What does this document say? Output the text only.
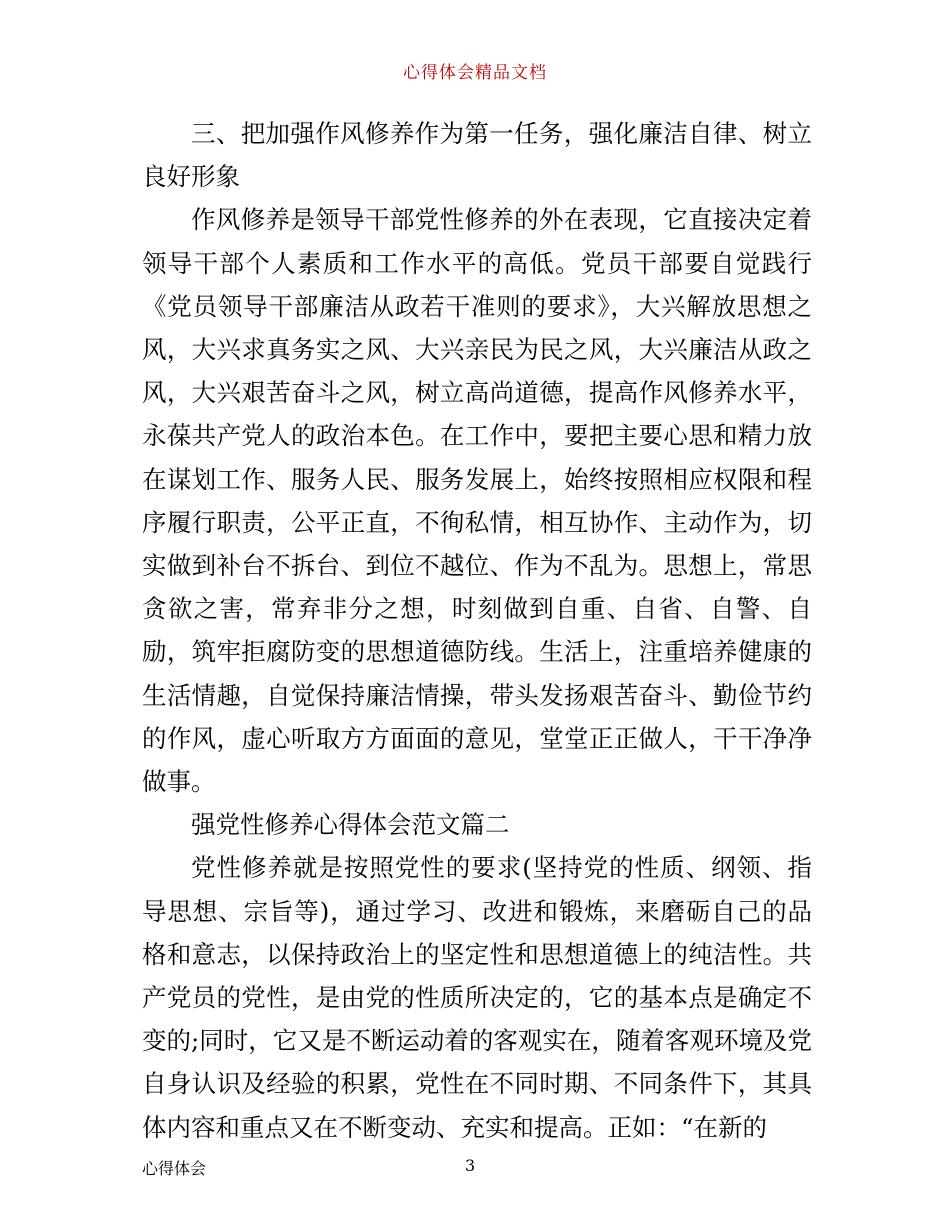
心得体会精品文档

三、把加强作风修养作为第一任务，强化廉洁自律、树立良好形象

作风修养是领导干部党性修养的外在表现，它直接决定着领导干部个人素质和工作水平的高低。党员干部要自觉践行《党员领导干部廉洁从政若干准则的要求》，大兴解放思想之风，大兴求真务实之风、大兴亲民为民之风，大兴廉洁从政之风，大兴艰苦奋斗之风，树立高尚道德，提高作风修养水平，永葆共产党人的政治本色。在工作中，要把主要心思和精力放在谋划工作、服务人民、服务发展上，始终按照相应权限和程序履行职责，公平正直，不徇私情，相互协作、主动作为，切实做到补台不拆台、到位不越位、作为不乱为。思想上，常思贪欲之害，常弃非分之想，时刻做到自重、自省、自警、自励，筑牢拒腐防变的思想道德防线。生活上，注重培养健康的生活情趣，自觉保持廉洁情操，带头发扬艰苦奋斗、勤俭节约的作风，虚心听取方方面面的意见，堂堂正正做人，干干净净做事。

强党性修养心得体会范文篇二

党性修养就是按照党性的要求(坚持党的性质、纲领、指导思想、宗旨等)，通过学习、改进和锻炼，来磨砺自己的品格和意志，以保持政治上的坚定性和思想道德上的纯洁性。共产党员的党性，是由党的性质所决定的，它的基本点是确定不变的;同时，它又是不断运动着的客观实在，随着客观环境及党自身认识及经验的积累，党性在不同时期、不同条件下，其具体内容和重点又在不断变动、充实和提高。正如：“在新的

心得体会	3
